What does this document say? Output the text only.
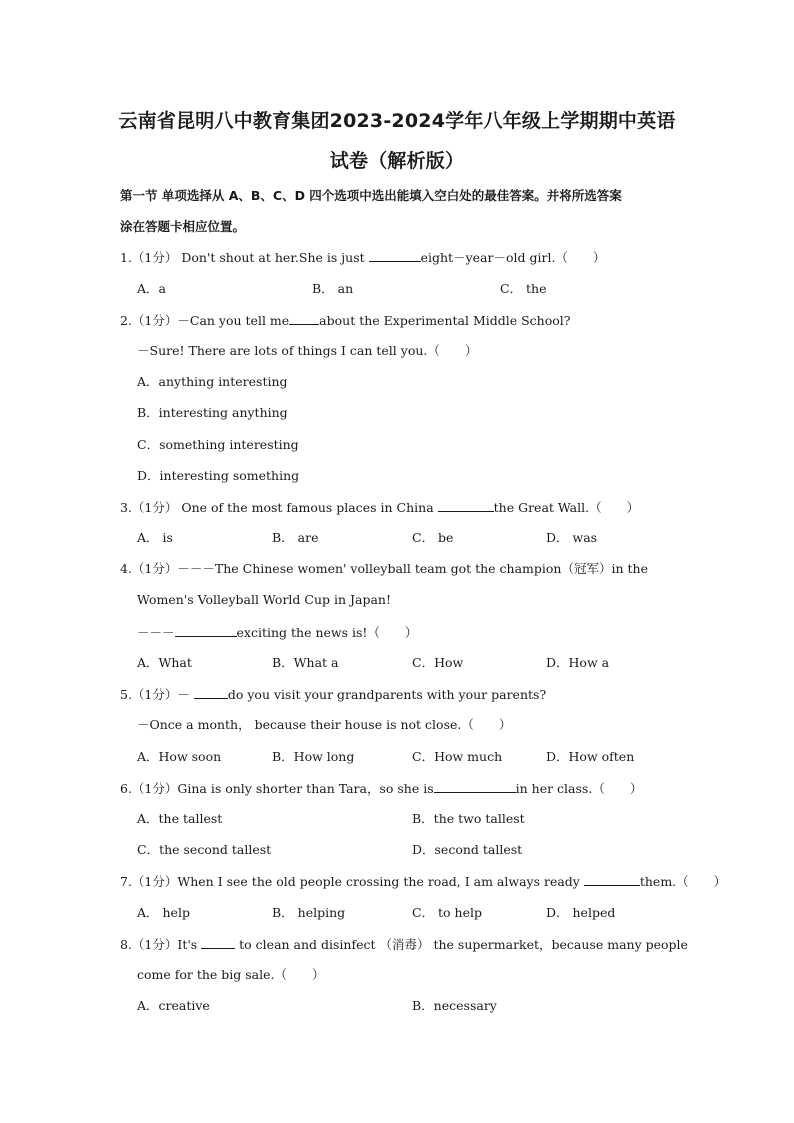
云南省昆明八中教育集团2023-2024学年八年级上学期期中英语
试卷（解析版）
第一节 单项选择从 A、B、C、D 四个选项中选出能填入空白处的最佳答案。并将所选答案
涂在答题卡相应位置。
1.（1分） Don't shout at her.She is just	eight－year－old girl.（　　）
A．a	B． an	C． the
2.（1分）－Can you tell me about the Experimental Middle School?
－Sure! There are lots of things I can tell you.（　　）
A．anything interesting
B．interesting anything
C．something interesting
D．interesting something
3.（1分） One of the most famous places in China	the Great Wall.（　　）
A． is	B． are	C． be	D． was
4.（1分）－－－The Chinese women' volleyball team got the champion（冠军）in the
Women's Volleyball World Cup in Japan!
－－－	exciting the news is!（　　）
A．What	B．What a	C．How	D．How a
5.（1分）－	do you visit your grandparents with your parents?
－Once a month， because their house is not close.（　　）
A．How soon	B．How long	C．How much	D．How often
6.（1分）Gina is only shorter than Tara，so she is	in her class.（　　）
A．the tallest	B．the two tallest
C．the second tallest	D．second tallest
7.（1分）When I see the old people crossing the road, I am always ready	them.（　　）
A． help	B． helping	C． to help	D． helped
8.（1分）It's	to clean and disinfect （消毒） the supermarket，because many people
come for the big sale.（　　）
A．creative	B．necessary
